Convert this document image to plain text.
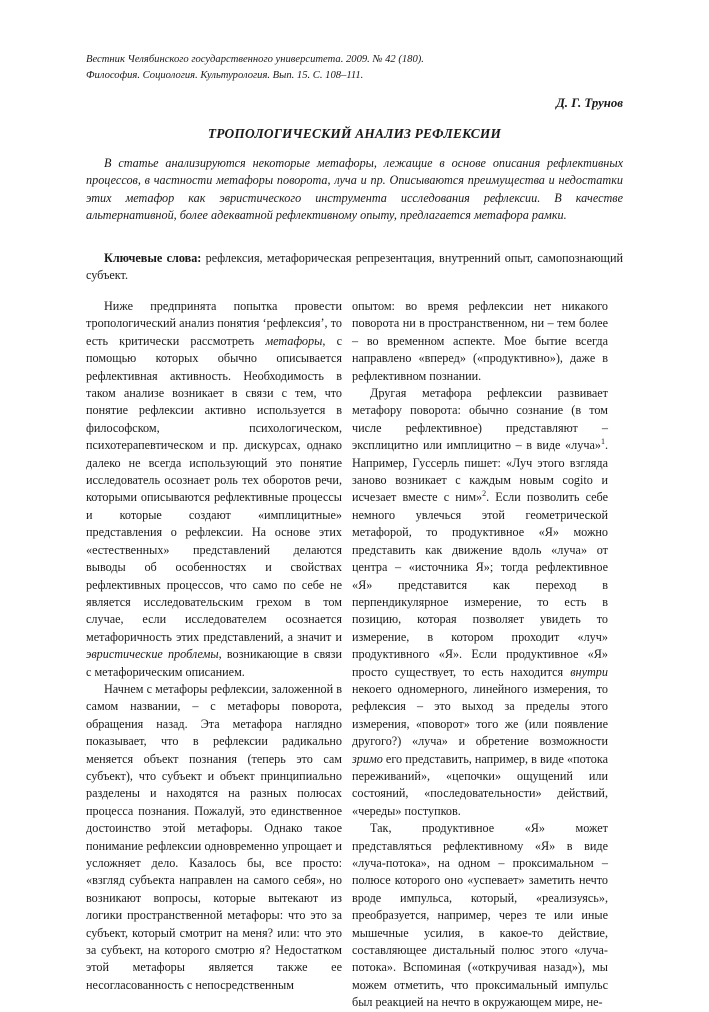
Вестник Челябинского государственного университета. 2009. № 42 (180).
Философия. Социология. Культурология. Вып. 15. С. 108–111.
Д. Г. Трунов
ТРОПОЛОГИЧЕСКИЙ АНАЛИЗ РЕФЛЕКСИИ

В статье анализируются некоторые метафоры, лежащие в основе описания рефлективных процессов, в частности метафоры поворота, луча и пр. Описываются преимущества и недостатки этих метафор как эвристического инструмента исследования рефлексии. В качестве альтернативной, более адекватной рефлективному опыту, предлагается метафора рамки.

Ключевые слова: рефлексия, метафорическая репрезентация, внутренний опыт, самопознающий субъект.

Ниже предпринята попытка провести тропологический анализ понятия ‘рефлексия’, то есть критически рассмотреть метафоры, с помощью которых обычно описывается рефлективная активность. Необходимость в таком анализе возникает в связи с тем, что понятие рефлексии активно используется в философском, психологическом, психотерапевтическом и пр. дискурсах, однако далеко не всегда использующий это понятие исследователь осознает роль тех оборотов речи, которыми описываются рефлективные процессы и которые создают «имплицитные» представления о рефлексии. На основе этих «естественных» представлений делаются выводы об особенностях и свойствах рефлективных процессов, что само по себе не является исследовательским грехом в том случае, если исследователем осознается метафоричность этих представлений, а значит и эвристические проблемы, возникающие в связи с метафорическим описанием.

Начнем с метафоры рефлексии, заложенной в самом названии, – с метафоры поворота, обращения назад. Эта метафора наглядно показывает, что в рефлексии радикально меняется объект познания (теперь это сам субъект), что субъект и объект принципиально разделены и находятся на разных полюсах процесса познания. Пожалуй, это единственное достоинство этой метафоры. Однако такое понимание рефлексии одновременно упрощает и усложняет дело. Казалось бы, все просто: «взгляд субъекта направлен на самого себя», но возникают вопросы, которые вытекают из логики пространственной метафоры: что это за субъект, который смотрит на меня? или: что это за субъект, на которого смотрю я? Недостатком этой метафоры является также ее несогласованность с непосредственным

опытом: во время рефлексии нет никакого поворота ни в пространственном, ни – тем более – во временном аспекте. Мое бытие всегда направлено «вперед» («продуктивно»), даже в рефлективном познании.

Другая метафора рефлексии развивает метафору поворота: обычно сознание (в том числе рефлективное) представляют – эксплицитно или имплицитно – в виде «луча»$^1$. Например, Гуссерль пишет: «Луч этого взгляда заново возникает с каждым новым cogito и исчезает вместе с ним»$^2$. Если позволить себе немного увлечься этой геометрической метафорой, то продуктивное «Я» можно представить как движение вдоль «луча» от центра – «источника Я»; тогда рефлективное «Я» представится как переход в перпендикулярное измерение, то есть в позицию, которая позволяет увидеть то измерение, в котором проходит «луч» продуктивного «Я». Если продуктивное «Я» просто существует, то есть находится внутри некоего одномерного, линейного измерения, то рефлексия – это выход за пределы этого измерения, «поворот» того же (или появление другого?) «луча» и обретение возможности зримо его представить, например, в виде «потока переживаний», «цепочки» ощущений или состояний, «последовательности» действий, «череды» поступков.

Так, продуктивное «Я» может представляться рефлективному «Я» в виде «луча-потока», на одном – проксимальном – полюсе которого оно «успевает» заметить нечто вроде импульса, который, «реализуясь», преобразуется, например, через те или иные мышечные усилия, в какое-то действие, составляющее дистальный полюс этого «луча-потока». Вспоминая («откручивая назад»), мы можем отметить, что проксимальный импульс был реакцией на нечто в окружающем мире, не-
